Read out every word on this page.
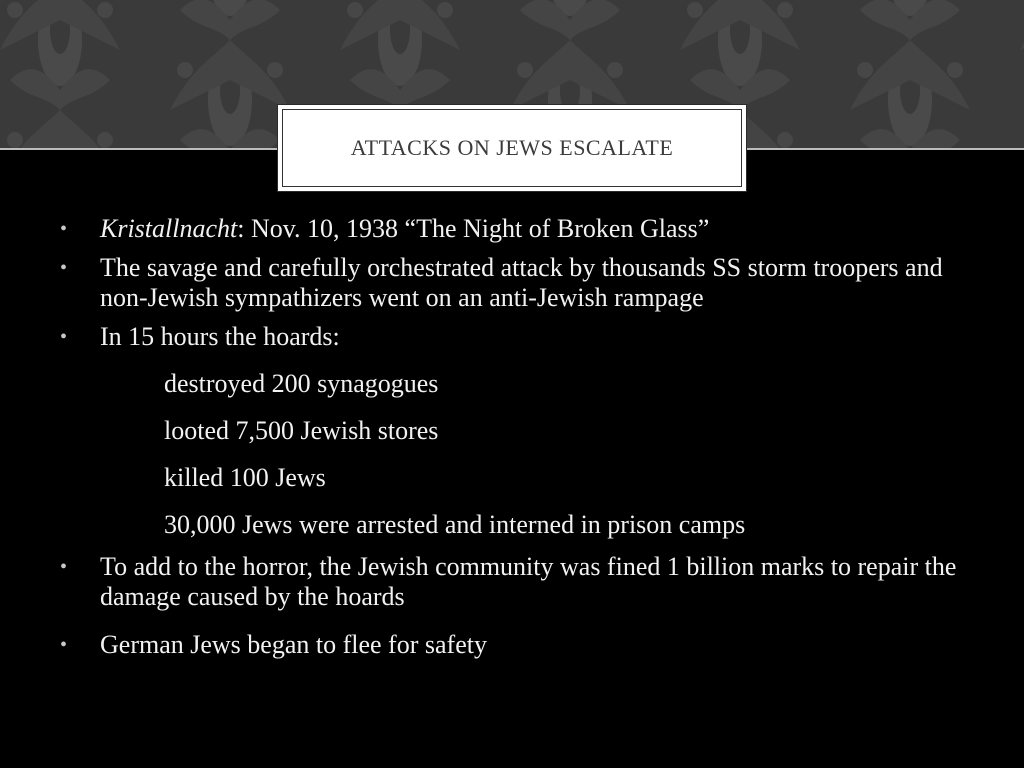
ATTACKS ON JEWS ESCALATE
• Kristallnacht: Nov. 10, 1938 “The Night of Broken Glass”
• The savage and carefully orchestrated attack by thousands SS storm troopers and non-Jewish sympathizers went on an anti-Jewish rampage
• In 15 hours the hoards:
destroyed 200 synagogues
looted 7,500 Jewish stores
killed 100 Jews
30,000 Jews were arrested and interned in prison camps
• To add to the horror, the Jewish community was fined 1 billion marks to repair the damage caused by the hoards
• German Jews began to flee for safety
